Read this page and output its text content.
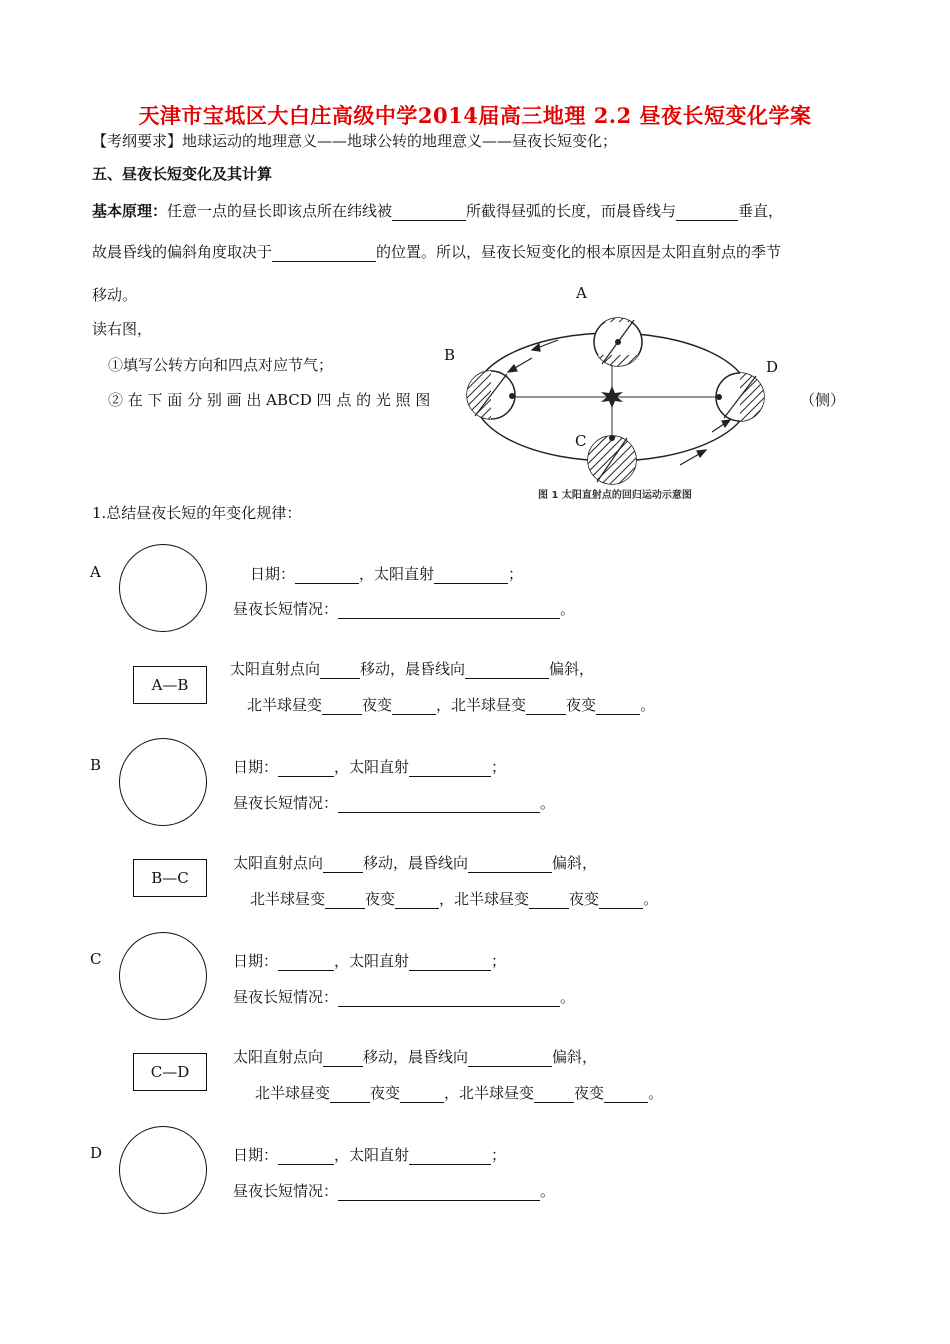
天津市宝坻区大白庄高级中学2014届高三地理 2.2 昼夜长短变化学案
【考纲要求】地球运动的地理意义——地球公转的地理意义——昼夜长短变化；
五、昼夜长短变化及其计算
基本原理：任意一点的昼长即该点所在纬线被	所截得昼弧的长度，而晨昏线与	垂直，
故晨昏线的偏斜角度取决于	的位置。所以，昼夜长短变化的根本原因是太阳直射点的季节
移动。
读右图，
①填写公转方向和四点对应节气；
② 在 下 面 分 别 画 出 ABCD 四 点 的 光 照 图	（侧）
A
B
C
D
图 1 太阳直射点的回归运动示意图
1.总结昼夜长短的年变化规律：
A	日期：	，太阳直射	；
昼夜长短情况：	。
A—B
太阳直射点向	移动，晨昏线向	偏斜，
北半球昼变	夜变	，北半球昼变	夜变	。
B	日期：	，太阳直射	；
昼夜长短情况：	。
B—C
太阳直射点向	移动，晨昏线向	偏斜，
北半球昼变	夜变	，北半球昼变	夜变	。
C	日期：	，太阳直射	；
昼夜长短情况：	。
C—D
太阳直射点向	移动，晨昏线向	偏斜，
北半球昼变	夜变	，北半球昼变	夜变	。
D	日期：	，太阳直射	；
昼夜长短情况：	。
